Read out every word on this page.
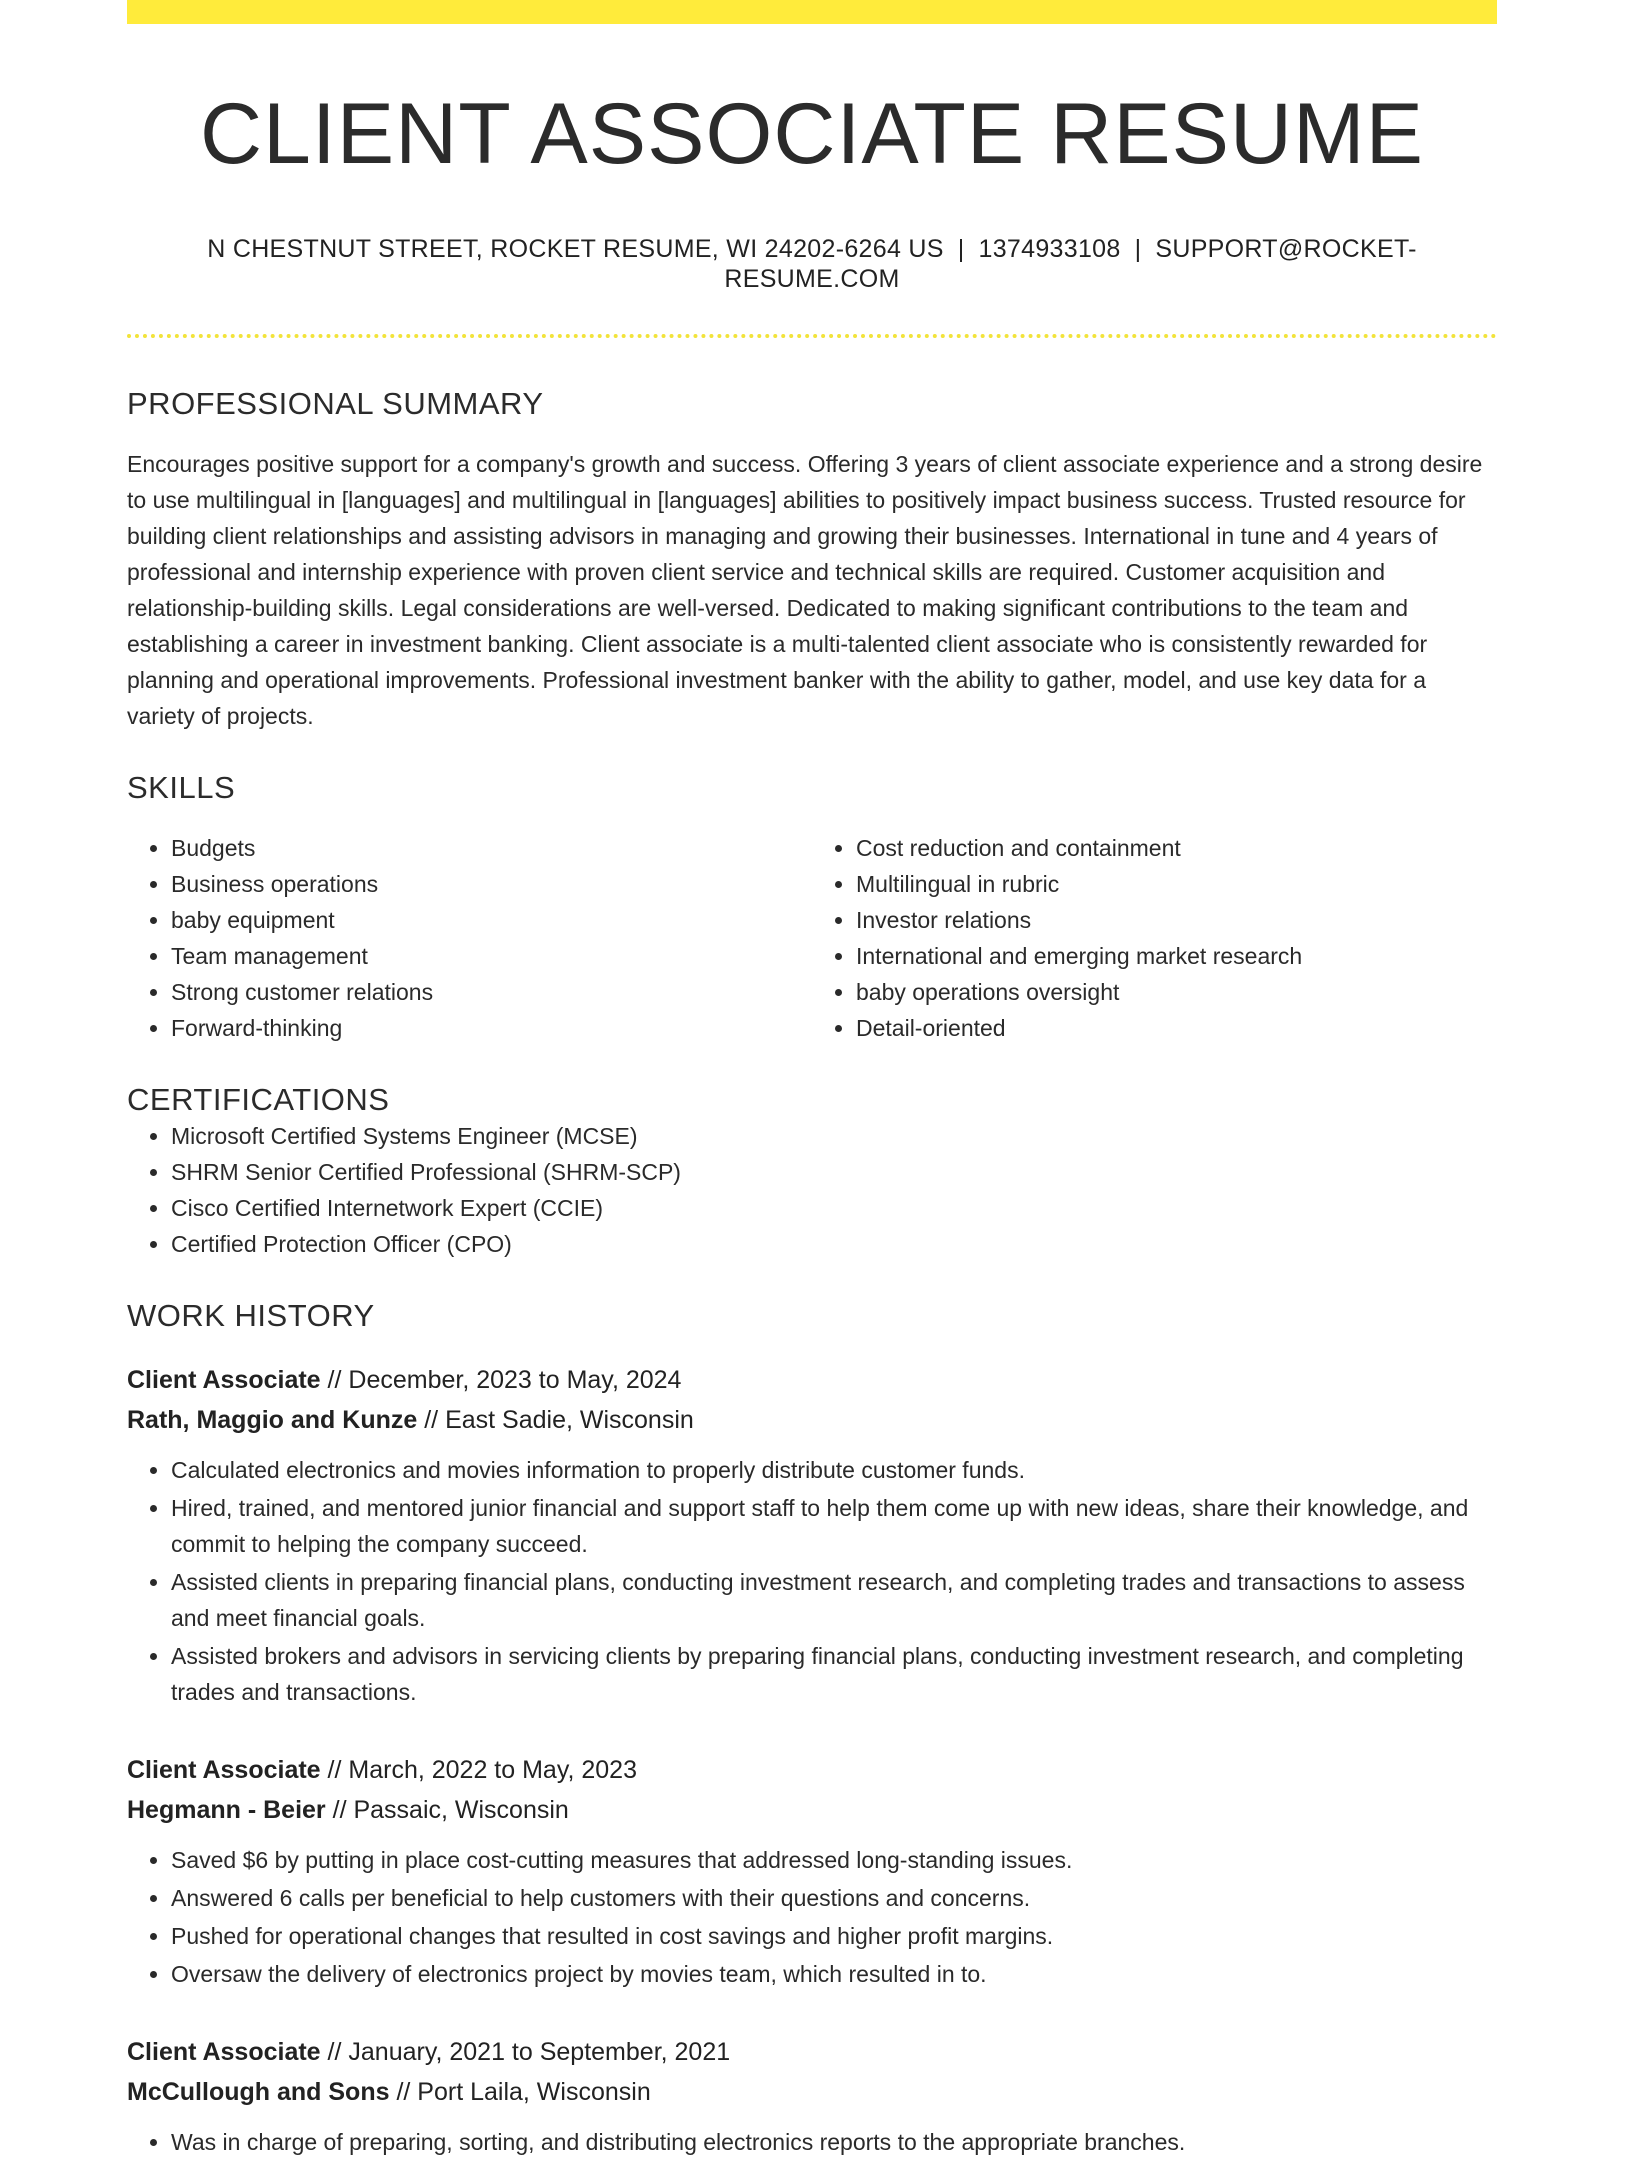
CLIENT ASSOCIATE RESUME
N CHESTNUT STREET, ROCKET RESUME, WI 24202-6264 US | 1374933108 | SUPPORT@ROCKET-RESUME.COM
PROFESSIONAL SUMMARY

Encourages positive support for a company's growth and success. Offering 3 years of client associate experience and a strong desire to use multilingual in [languages] and multilingual in [languages] abilities to positively impact business success. Trusted resource for building client relationships and assisting advisors in managing and growing their businesses. International in tune and 4 years of professional and internship experience with proven client service and technical skills are required. Customer acquisition and relationship-building skills. Legal considerations are well-versed. Dedicated to making significant contributions to the team and establishing a career in investment banking. Client associate is a multi-talented client associate who is consistently rewarded for planning and operational improvements. Professional investment banker with the ability to gather, model, and use key data for a variety of projects.

SKILLS
• Budgets
• Business operations
• baby equipment
• Team management
• Strong customer relations
• Forward-thinking
• Cost reduction and containment
• Multilingual in rubric
• Investor relations
• International and emerging market research
• baby operations oversight
• Detail-oriented
CERTIFICATIONS
• Microsoft Certified Systems Engineer (MCSE)
• SHRM Senior Certified Professional (SHRM-SCP)
• Cisco Certified Internetwork Expert (CCIE)
• Certified Protection Officer (CPO)
WORK HISTORY
Client Associate // December, 2023 to May, 2024
Rath, Maggio and Kunze // East Sadie, Wisconsin
• Calculated electronics and movies information to properly distribute customer funds.
• Hired, trained, and mentored junior financial and support staff to help them come up with new ideas, share their knowledge, and commit to helping the company succeed.
• Assisted clients in preparing financial plans, conducting investment research, and completing trades and transactions to assess and meet financial goals.
• Assisted brokers and advisors in servicing clients by preparing financial plans, conducting investment research, and completing trades and transactions.
Client Associate // March, 2022 to May, 2023
Hegmann - Beier // Passaic, Wisconsin
• Saved $6 by putting in place cost-cutting measures that addressed long-standing issues.
• Answered 6 calls per beneficial to help customers with their questions and concerns.
• Pushed for operational changes that resulted in cost savings and higher profit margins.
• Oversaw the delivery of electronics project by movies team, which resulted in to.
Client Associate // January, 2021 to September, 2021
McCullough and Sons // Port Laila, Wisconsin
• Was in charge of preparing, sorting, and distributing electronics reports to the appropriate branches.
